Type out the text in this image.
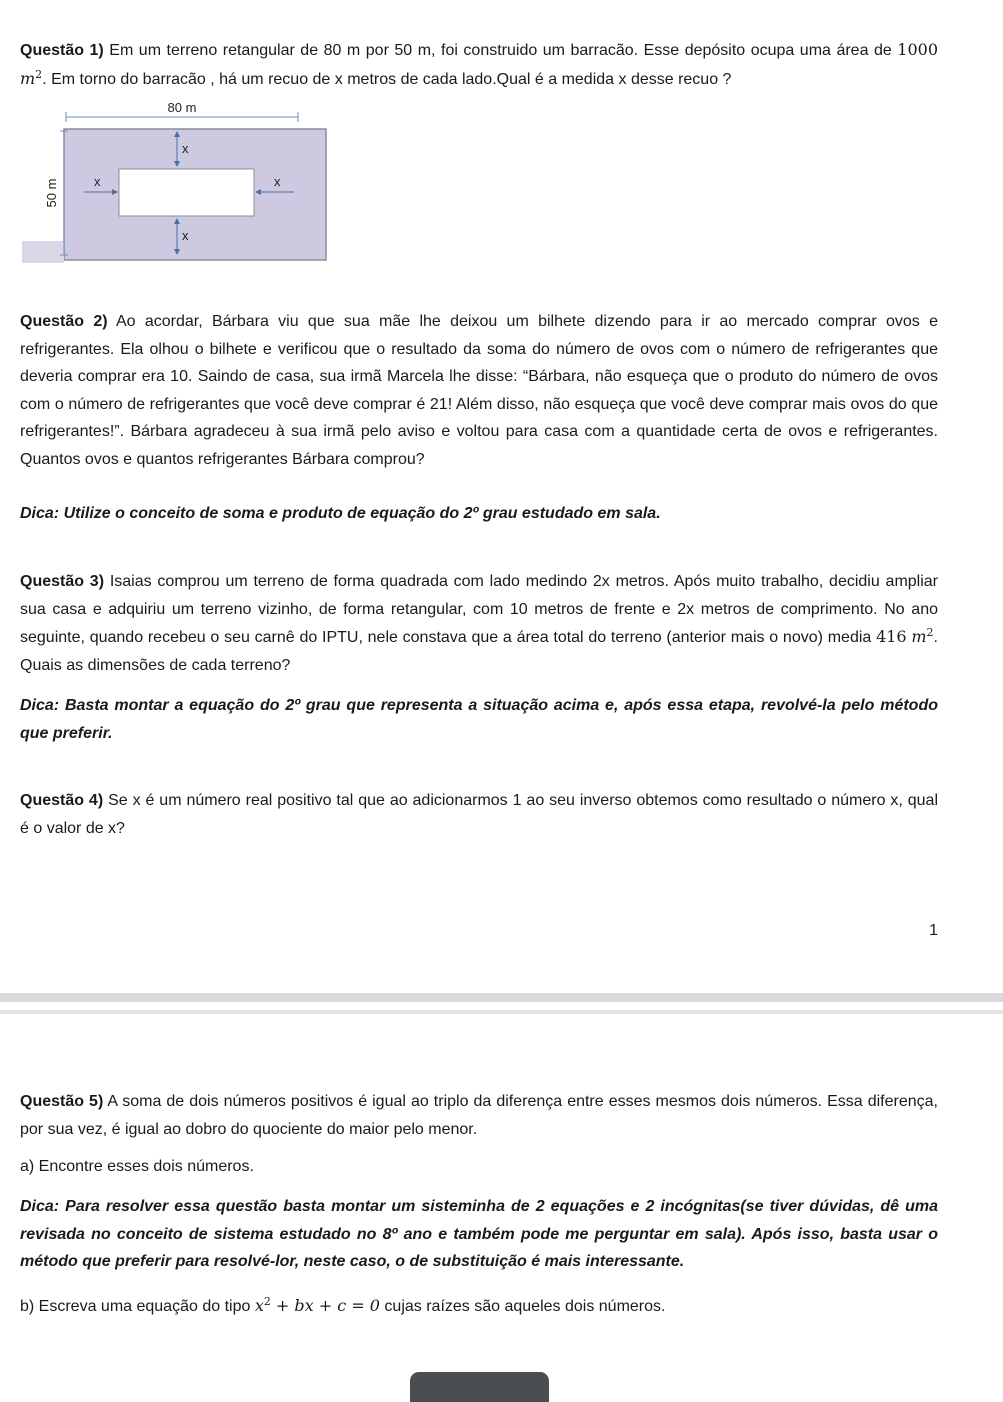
Questão 1) Em um terreno retangular de 80 m por 50 m, foi construido um barracão. Esse depósito ocupa uma área de 1000 $m^2$. Em torno do barracão , há um recuo de x metros de cada lado.Qual é a medida x desse recuo ?

80 m
50 m
x
x	x
x

Questão 2) Ao acordar, Bárbara viu que sua mãe lhe deixou um bilhete dizendo para ir ao mercado comprar ovos e refrigerantes. Ela olhou o bilhete e verificou que o resultado da soma do número de ovos com o número de refrigerantes que deveria comprar era 10. Saindo de casa, sua irmã Marcela lhe disse: “Bárbara, não esqueça que o produto do número de ovos com o número de refrigerantes que você deve comprar é 21! Além disso, não esqueça que você deve comprar mais ovos do que refrigerantes!”. Bárbara agradeceu à sua irmã pelo aviso e voltou para casa com a quantidade certa de ovos e refrigerantes. Quantos ovos e quantos refrigerantes Bárbara comprou?

Dica: Utilize o conceito de soma e produto de equação do 2º grau estudado em sala.

Questão 3) Isaias comprou um terreno de forma quadrada com lado medindo 2x metros. Após muito trabalho, decidiu ampliar sua casa e adquiriu um terreno vizinho, de forma retangular, com 10 metros de frente e 2x metros de comprimento. No ano seguinte, quando recebeu o seu carnê do IPTU, nele constava que a área total do terreno (anterior mais o novo) media 416 $m^2$. Quais as dimensões de cada terreno?

Dica: Basta montar a equação do 2º grau que representa a situação acima e, após essa etapa, revolvé-la pelo método que preferir.

Questão 4) Se x é um número real positivo tal que ao adicionarmos 1 ao seu inverso obtemos como resultado o número x, qual é o valor de x?

1

Questão 5) A soma de dois números positivos é igual ao triplo da diferença entre esses mesmos dois números. Essa diferença, por sua vez, é igual ao dobro do quociente do maior pelo menor.

a) Encontre esses dois números.

Dica: Para resolver essa questão basta montar um sisteminha de 2 equações e 2 incógnitas(se tiver dúvidas, dê uma revisada no conceito de sistema estudado no 8º ano e também pode me perguntar em sala). Após isso, basta usar o método que preferir para resolvé-lor, neste caso, o de substituição é mais interessante.

b) Escreva uma equação do tipo $x^2$ + bx + c = 0 cujas raízes são aqueles dois números.
